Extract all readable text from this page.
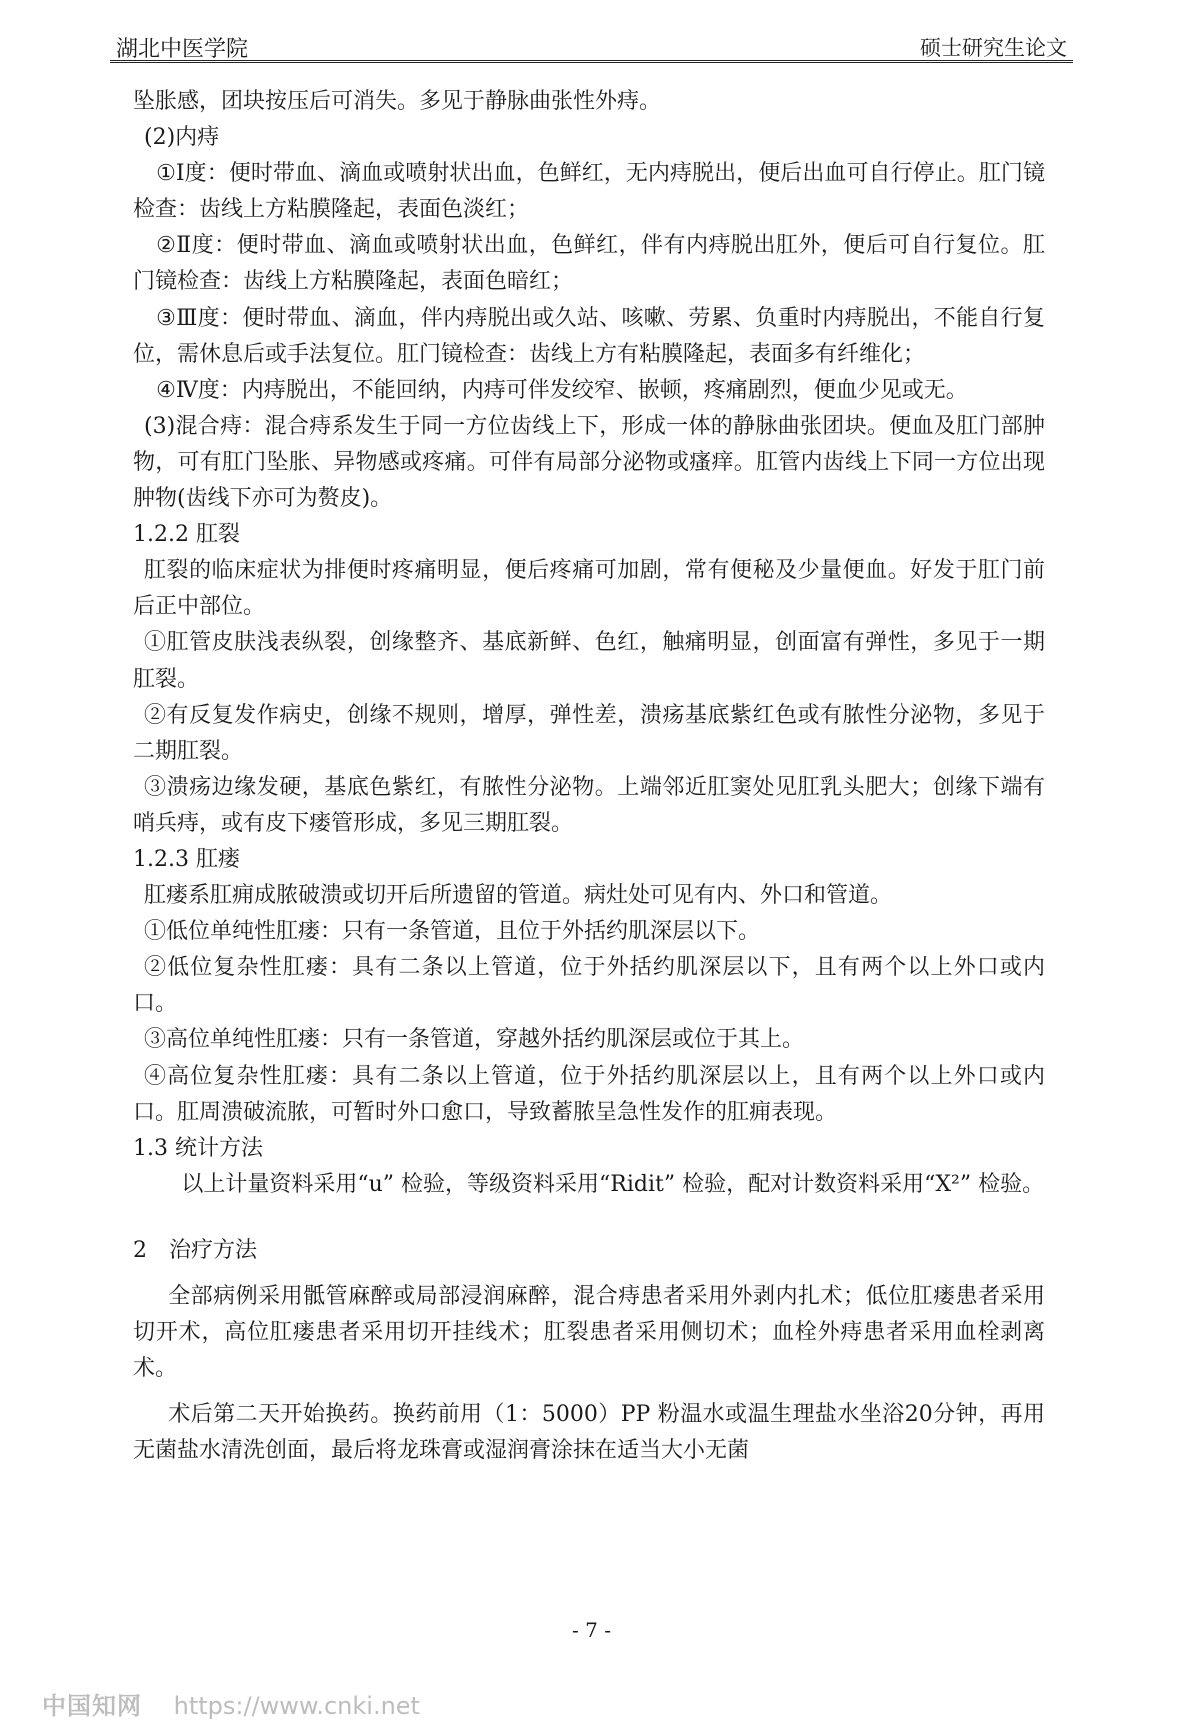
湖北中医学院	硕士研究生论文

坠胀感，团块按压后可消失。多见于静脉曲张性外痔。

(2)内痔

①Ⅰ度：便时带血、滴血或喷射状出血，色鲜红，无内痔脱出，便后出血可自行停止。肛门镜检查：齿线上方粘膜隆起，表面色淡红；

②Ⅱ度：便时带血、滴血或喷射状出血，色鲜红，伴有内痔脱出肛外，便后可自行复位。肛门镜检查：齿线上方粘膜隆起，表面色暗红；

③Ⅲ度：便时带血、滴血，伴内痔脱出或久站、咳嗽、劳累、负重时内痔脱出，不能自行复位，需休息后或手法复位。肛门镜检查：齿线上方有粘膜隆起，表面多有纤维化；

④Ⅳ度：内痔脱出，不能回纳，内痔可伴发绞窄、嵌顿，疼痛剧烈，便血少见或无。

(3)混合痔：混合痔系发生于同一方位齿线上下，形成一体的静脉曲张团块。便血及肛门部肿物，可有肛门坠胀、异物感或疼痛。可伴有局部分泌物或瘙痒。肛管内齿线上下同一方位出现肿物(齿线下亦可为赘皮)。

1.2.2 肛裂

肛裂的临床症状为排便时疼痛明显，便后疼痛可加剧，常有便秘及少量便血。好发于肛门前后正中部位。

①肛管皮肤浅表纵裂，创缘整齐、基底新鲜、色红，触痛明显，创面富有弹性，多见于一期肛裂。

②有反复发作病史，创缘不规则，增厚，弹性差，溃疡基底紫红色或有脓性分泌物，多见于二期肛裂。

③溃疡边缘发硬，基底色紫红，有脓性分泌物。上端邻近肛窦处见肛乳头肥大；创缘下端有哨兵痔，或有皮下瘘管形成，多见三期肛裂。

1.2.3 肛瘘

肛瘘系肛痈成脓破溃或切开后所遗留的管道。病灶处可见有内、外口和管道。

①低位单纯性肛瘘：只有一条管道，且位于外括约肌深层以下。

②低位复杂性肛瘘：具有二条以上管道，位于外括约肌深层以下，且有两个以上外口或内口。

③高位单纯性肛瘘：只有一条管道，穿越外括约肌深层或位于其上。

④高位复杂性肛瘘：具有二条以上管道，位于外括约肌深层以上，且有两个以上外口或内口。肛周溃破流脓，可暂时外口愈口，导致蓄脓呈急性发作的肛痈表现。

1.3 统计方法

以上计量资料采用“u” 检验，等级资料采用“Ridit” 检验，配对计数资料采用“X²” 检验。

2　治疗方法

全部病例采用骶管麻醉或局部浸润麻醉，混合痔患者采用外剥内扎术；低位肛瘘患者采用切开术，高位肛瘘患者采用切开挂线术；肛裂患者采用侧切术；血栓外痔患者采用血栓剥离术。

术后第二天开始换药。换药前用（1：5000）PP 粉温水或温生理盐水坐浴20分钟，再用无菌盐水清洗创面，最后将龙珠膏或湿润膏涂抹在适当大小无菌

- 7 -
中国知网 https://www.cnki.net
